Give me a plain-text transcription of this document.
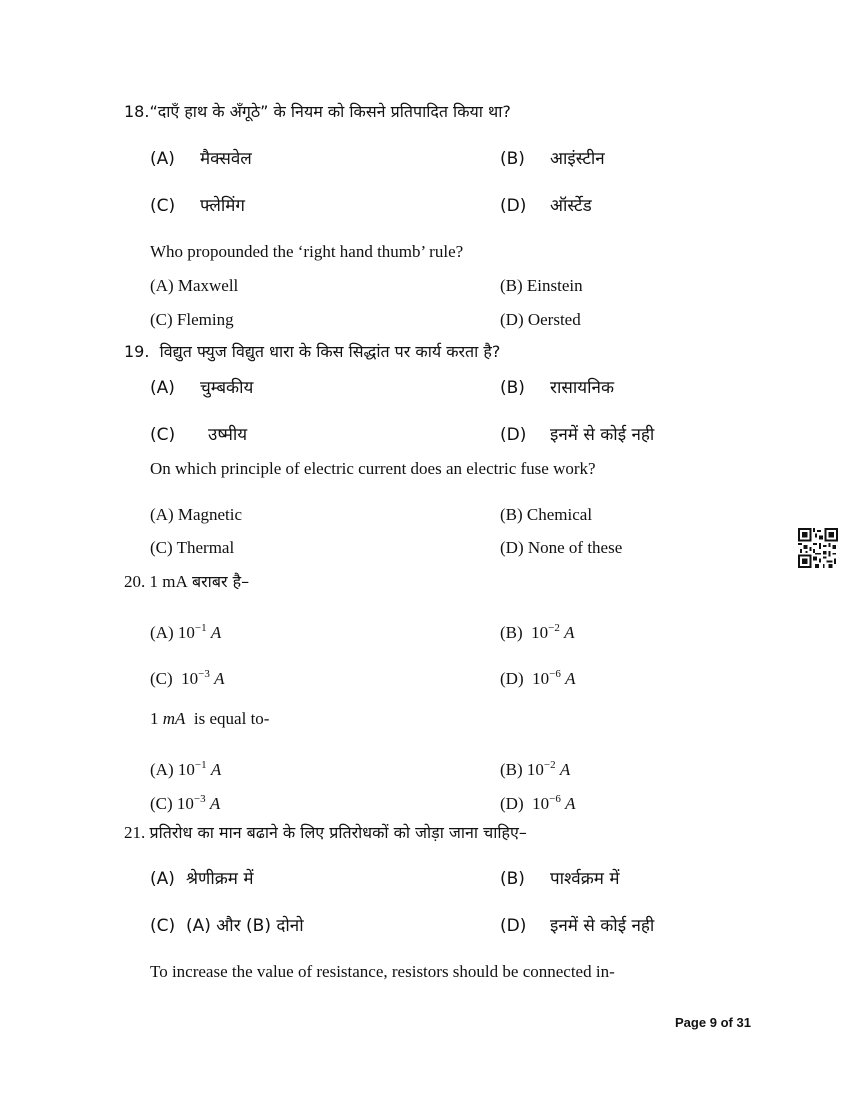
18.“दाएँ हाथ के अँगूठे” के नियम को किसने प्रतिपादित किया था?
(A) मैक्सवेल	(B) आइंस्टीन
(C) फ्लेमिंग	(D) ऑर्स्टेड
Who propounded the ‘right hand thumb’ rule?
(A) Maxwell	(B) Einstein
(C) Fleming	(D) Oersted
19. विद्युत फ्युज विद्युत धारा के किस सिद्धांत पर कार्य करता है?
(A) चुम्बकीय	(B) रासायनिक
(C) उष्मीय	(D) इनमें से कोई नही
On which principle of electric current does an electric fuse work?
(A) Magnetic	(B) Chemical
(C) Thermal	(D) None of these
20. 1 mA बराबर है–
(A) $10^{-1}$ A	(B) $10^{-2}$ A
(C) $10^{-3}$ A	(D) $10^{-6}$ A
1 mA is equal to-
(A) $10^{-1}$ A	(B) $10^{-2}$ A
(C) $10^{-3}$ A	(D) $10^{-6}$ A
21. प्रतिरोध का मान बढाने के लिए प्रतिरोधकों को जोड़ा जाना चाहिए–
(A) श्रेणीक्रम में	(B) पार्श्वक्रम में
(C) (A) और (B) दोनो	(D) इनमें से कोई नही
To increase the value of resistance, resistors should be connected in-
Page 9 of 31
